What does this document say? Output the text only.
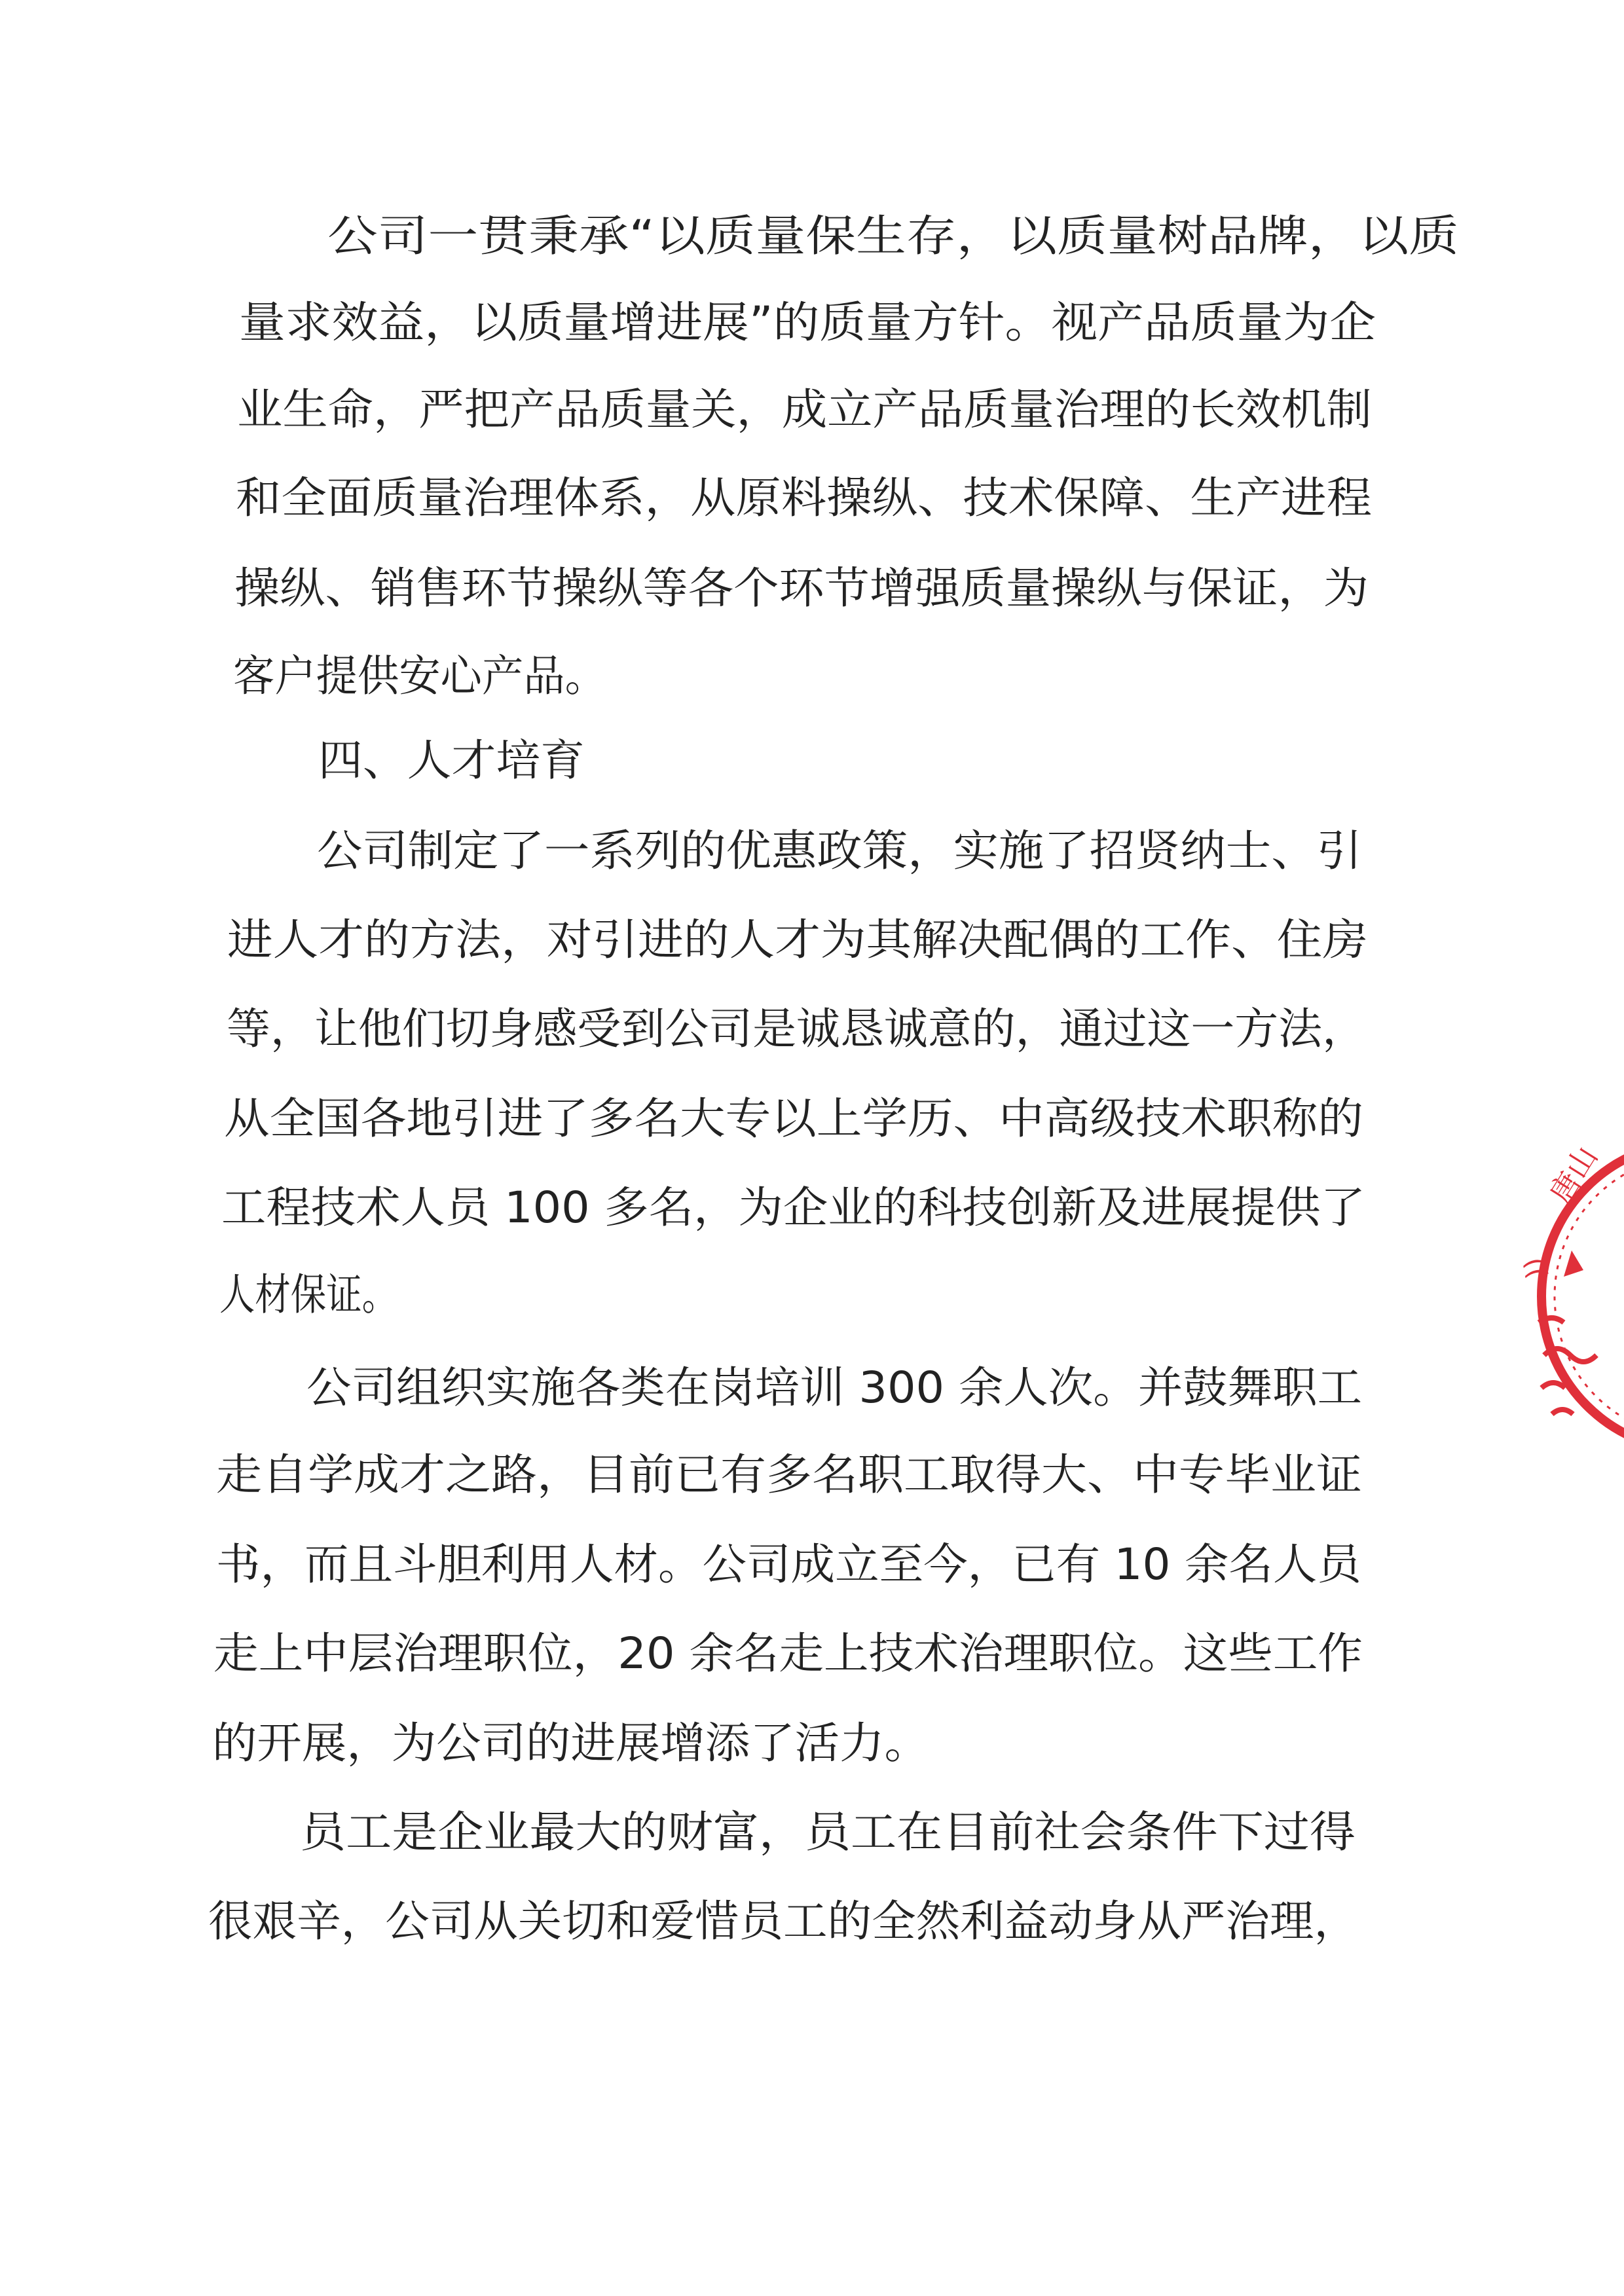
公司一贯秉承“以质量保生存，以质量树品牌，以质
量求效益，以质量增进展”的质量方针。视产品质量为企
业生命，严把产品质量关，成立产品质量治理的长效机制
和全面质量治理体系，从原料操纵、技术保障、生产进程
操纵、销售环节操纵等各个环节增强质量操纵与保证，为
客户提供安心产品。
四、人才培育
公司制定了一系列的优惠政策，实施了招贤纳士、引
进人才的方法，对引进的人才为其解决配偶的工作、住房
等，让他们切身感受到公司是诚恳诚意的，通过这一方法，
从全国各地引进了多名大专以上学历、中高级技术职称的
工程技术人员 100 多名，为企业的科技创新及进展提供了
人材保证。
公司组织实施各类在岗培训 300 余人次。并鼓舞职工
走自学成才之路，目前已有多名职工取得大、中专毕业证
书，而且斗胆利用人材。公司成立至今，已有 10 余名人员
走上中层治理职位，20 余名走上技术治理职位。这些工作
的开展，为公司的进展增添了活力。
员工是企业最大的财富，员工在目前社会条件下过得
很艰辛，公司从关切和爱惜员工的全然利益动身从严治理，
唐山
))
